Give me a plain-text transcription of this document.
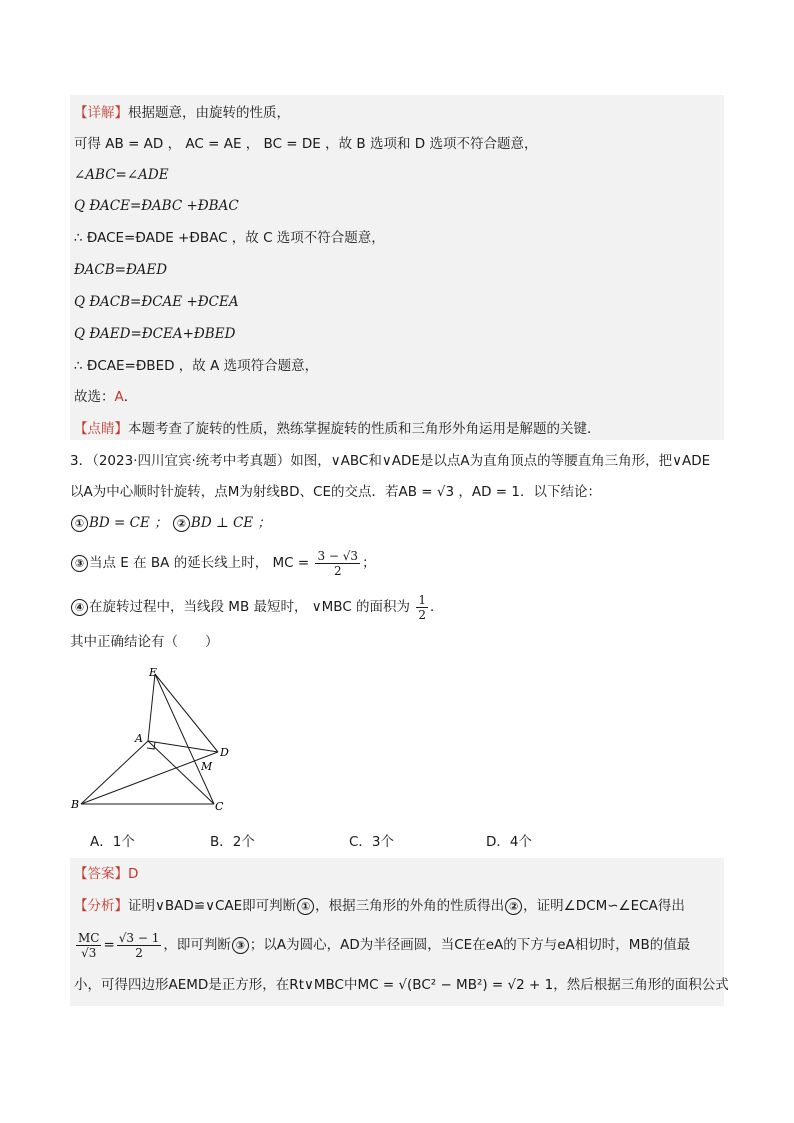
【详解】根据题意，由旋转的性质，
可得 AB = AD ， AC = AE ， BC = DE ，故 B 选项和 D 选项不符合题意，
∠ABC=∠ADE
Q ÐACE=ÐABC +ÐBAC
∴ ÐACE=ÐADE +ÐBAC ，故 C 选项不符合题意，
ÐACB=ÐAED
Q ÐACB=ÐCAE +ÐCEA
Q ÐAED=ÐCEA+ÐBED
∴ ÐCAE=ÐBED ，故 A 选项符合题意，
故选：A．
【点睛】本题考查了旋转的性质，熟练掌握旋转的性质和三角形外角运用是解题的关键．
3．（2023·四川宜宾·统考中考真题）如图，∨ABC和∨ADE是以点A为直角顶点的等腰直角三角形，把∨ADE
以A为中心顺时针旋转，点M为射线BD、CE的交点．若AB = √3 ，AD = 1．以下结论：
① BD = CE ； ② BD ⊥ CE ；
③ 当点 E 在 BA 的延长线上时， MC = $\frac{3 - √3}{2}$ ；
④ 在旋转过程中，当线段 MB 最短时， ∨MBC 的面积为 $\frac{1}{2}$ ．
其中正确结论有（　　）
E
A
D
M
B	C
A．1个	B．2个	C．3个	D．4个
【答案】D
【分析】证明∨BAD≌∨CAE即可判断 ① ，根据三角形的外角的性质得出 ② ，证明∠DCM∽∠ECA得出
$\frac{MC}{√3} = \frac{√3 - 1}{2}$ ，即可判断 ③ ；以A为圆心，AD为半径画圆，当CE在eA的下方与eA相切时，MB的值最
小，可得四边形AEMD是正方形，在Rt∨MBC中MC = √(BC² − MB²) = √2 + 1，然后根据三角形的面积公式
